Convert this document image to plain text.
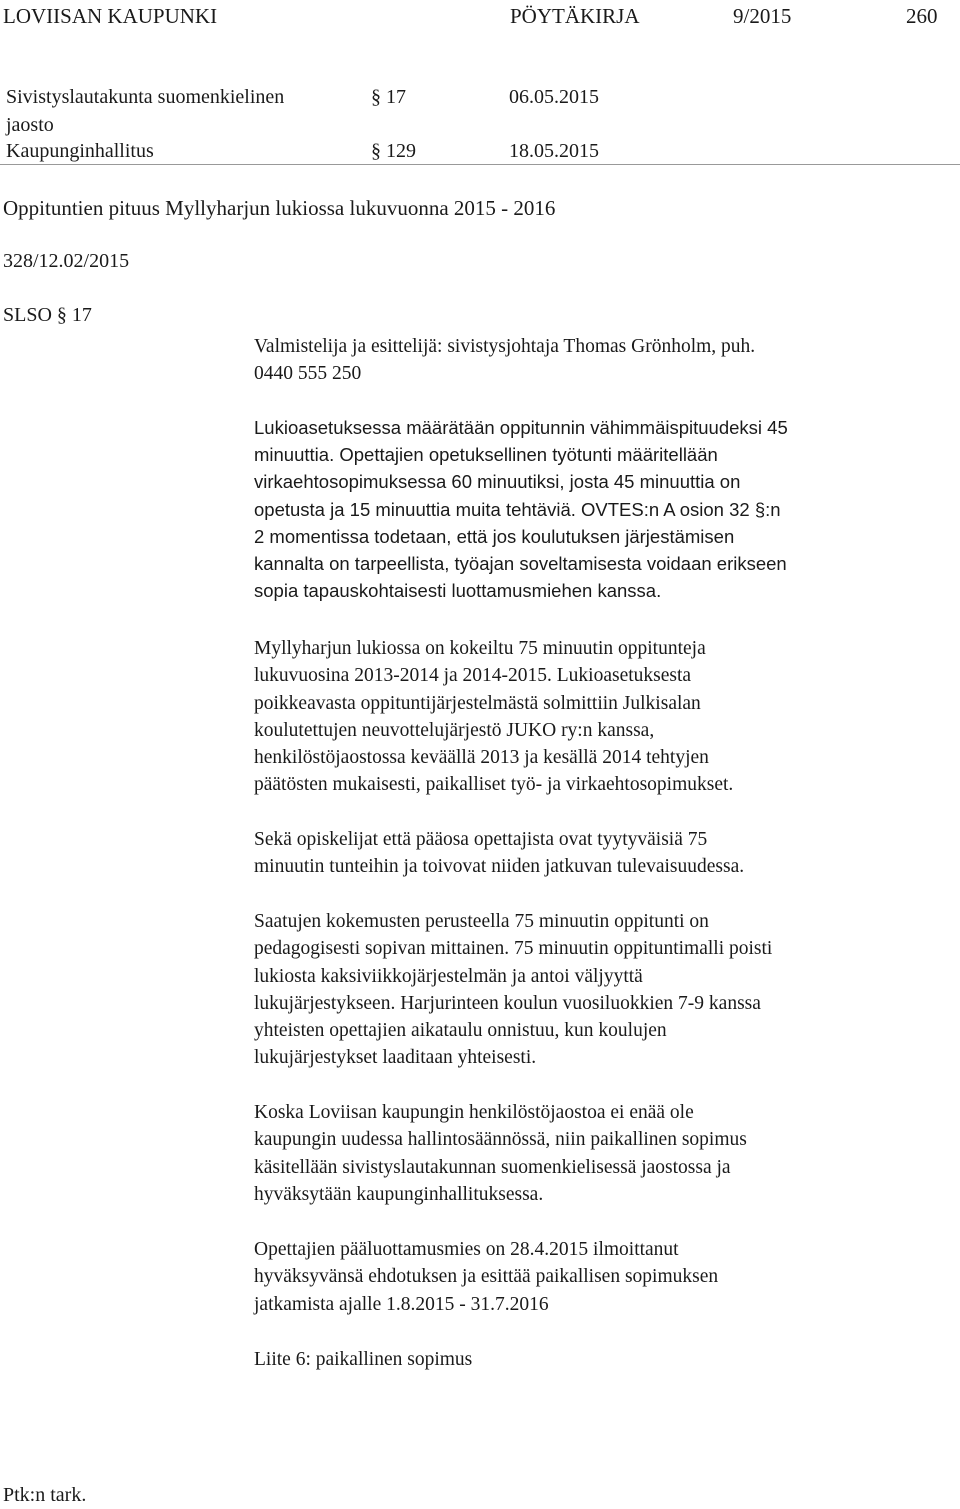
LOVIISAN KAUPUNKI	PÖYTÄKIRJA	9/2015	260
Sivistyslautakunta suomenkielinen
jaosto
§ 17	06.05.2015
Kaupunginhallitus	§ 129	18.05.2015
Oppituntien pituus Myllyharjun lukiossa lukuvuonna 2015 - 2016
328/12.02/2015
SLSO § 17

Valmistelija ja esittelijä: sivistysjohtaja Thomas Grönholm, puh.

0440 555 250

Lukioasetuksessa määrätään oppitunnin vähimmäispituudeksi 45

minuuttia. Opettajien opetuksellinen työtunti määritellään

virkaehtosopimuksessa 60 minuutiksi, josta 45 minuuttia on

opetusta ja 15 minuuttia muita tehtäviä. OVTES:n A osion 32 §:n

2 momentissa todetaan, että jos koulutuksen järjestämisen

kannalta on tarpeellista, työajan soveltamisesta voidaan erikseen

sopia tapauskohtaisesti luottamusmiehen kanssa.

Myllyharjun lukiossa on kokeiltu 75 minuutin oppitunteja

lukuvuosina 2013-2014 ja 2014-2015. Lukioasetuksesta

poikkeavasta oppituntijärjestelmästä solmittiin Julkisalan

koulutettujen neuvottelujärjestö JUKO ry:n kanssa,

henkilöstöjaostossa keväällä 2013 ja kesällä 2014 tehtyjen

päätösten mukaisesti, paikalliset työ- ja virkaehtosopimukset.

Sekä opiskelijat että pääosa opettajista ovat tyytyväisiä 75

minuutin tunteihin ja toivovat niiden jatkuvan tulevaisuudessa.

Saatujen kokemusten perusteella 75 minuutin oppitunti on

pedagogisesti sopivan mittainen. 75 minuutin oppituntimalli poisti

lukiosta kaksiviikkojärjestelmän ja antoi väljyyttä

lukujärjestykseen. Harjurinteen koulun vuosiluokkien 7-9 kanssa

yhteisten opettajien aikataulu onnistuu, kun koulujen

lukujärjestykset laaditaan yhteisesti.

Koska Loviisan kaupungin henkilöstöjaostoa ei enää ole

kaupungin uudessa hallintosäännössä, niin paikallinen sopimus

käsitellään sivistyslautakunnan suomenkielisessä jaostossa ja

hyväksytään kaupunginhallituksessa.

Opettajien pääluottamusmies on 28.4.2015 ilmoittanut

hyväksyvänsä ehdotuksen ja esittää paikallisen sopimuksen

jatkamista ajalle 1.8.2015 - 31.7.2016

Liite 6: paikallinen sopimus

Ptk:n tark.
